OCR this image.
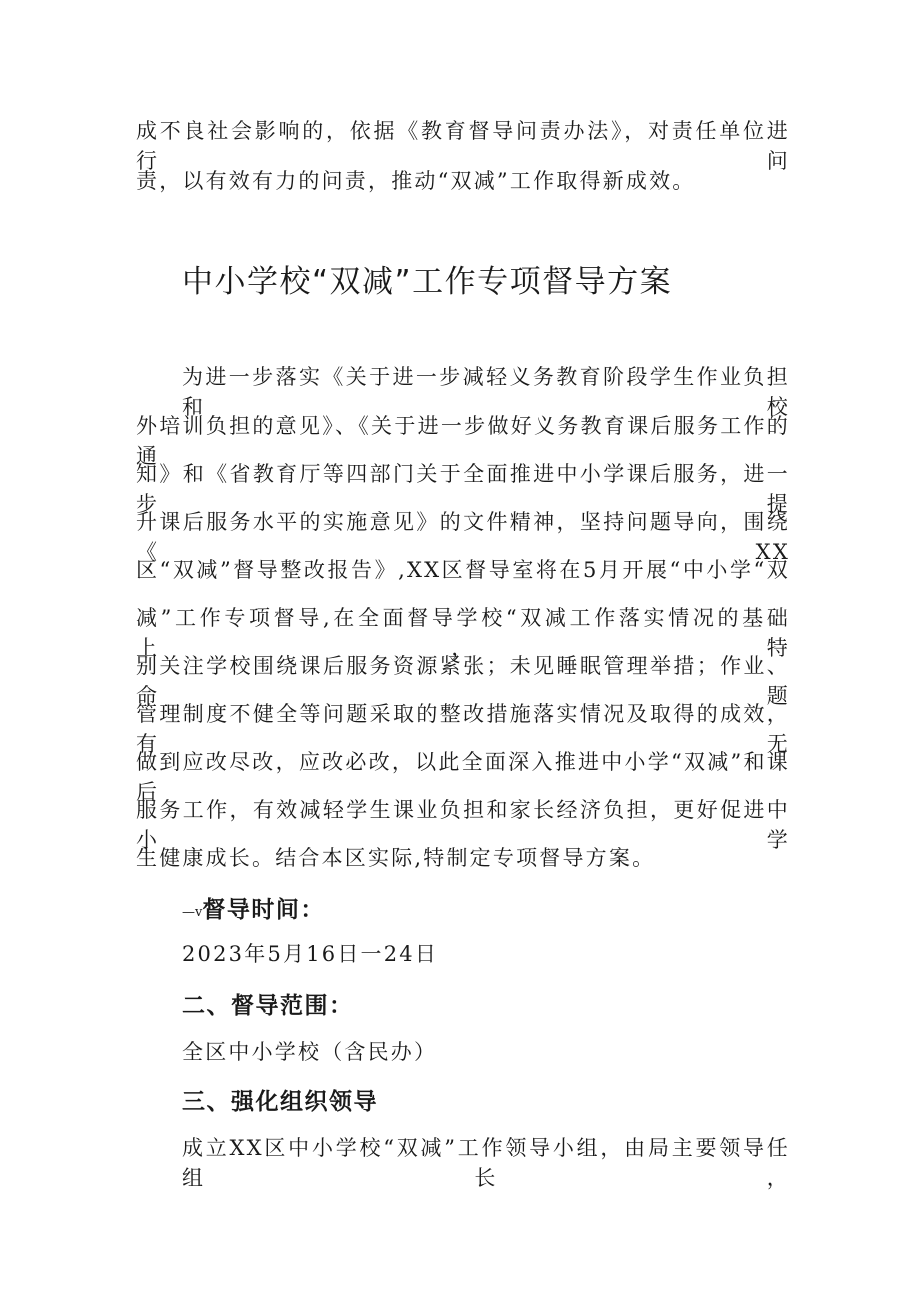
成不良社会影响的，依据《教育督导问责办法》，对责任单位进行问

责，以有效有力的问责，推动“双减”工作取得新成效。

中小学校“双减”工作专项督导方案

为进一步落实《关于进一步减轻义务教育阶段学生作业负担和校

外培训负担的意见》、《关于进一步做好义务教育课后服务工作的通

知》和《省教育厅等四部门关于全面推进中小学课后服务，进一步提

升课后服务水平的实施意见》的文件精神，坚持问题导向，围绕《XX

区“双减”督导整改报告》,XX区督导室将在5月开展“中小学“双

减”工作专项督导,在全面督导学校“双减工作落实情况的基础上，特

别关注学校围绕课后服务资源紧张；未见睡眠管理举措；作业、命题

管理制度不健全等问题采取的整改措施落实情况及取得的成效，有无

做到应改尽改，应改必改，以此全面深入推进中小学“双减”和课后

服务工作，有效减轻学生课业负担和家长经济负担，更好促进中小学

生健康成长。结合本区实际,特制定专项督导方案。

—v督导时间：

2023年5月16日一24日

二、督导范围：

全区中小学校（含民办）

三、强化组织领导

成立XX区中小学校“双减”工作领导小组，由局主要领导任组长，
